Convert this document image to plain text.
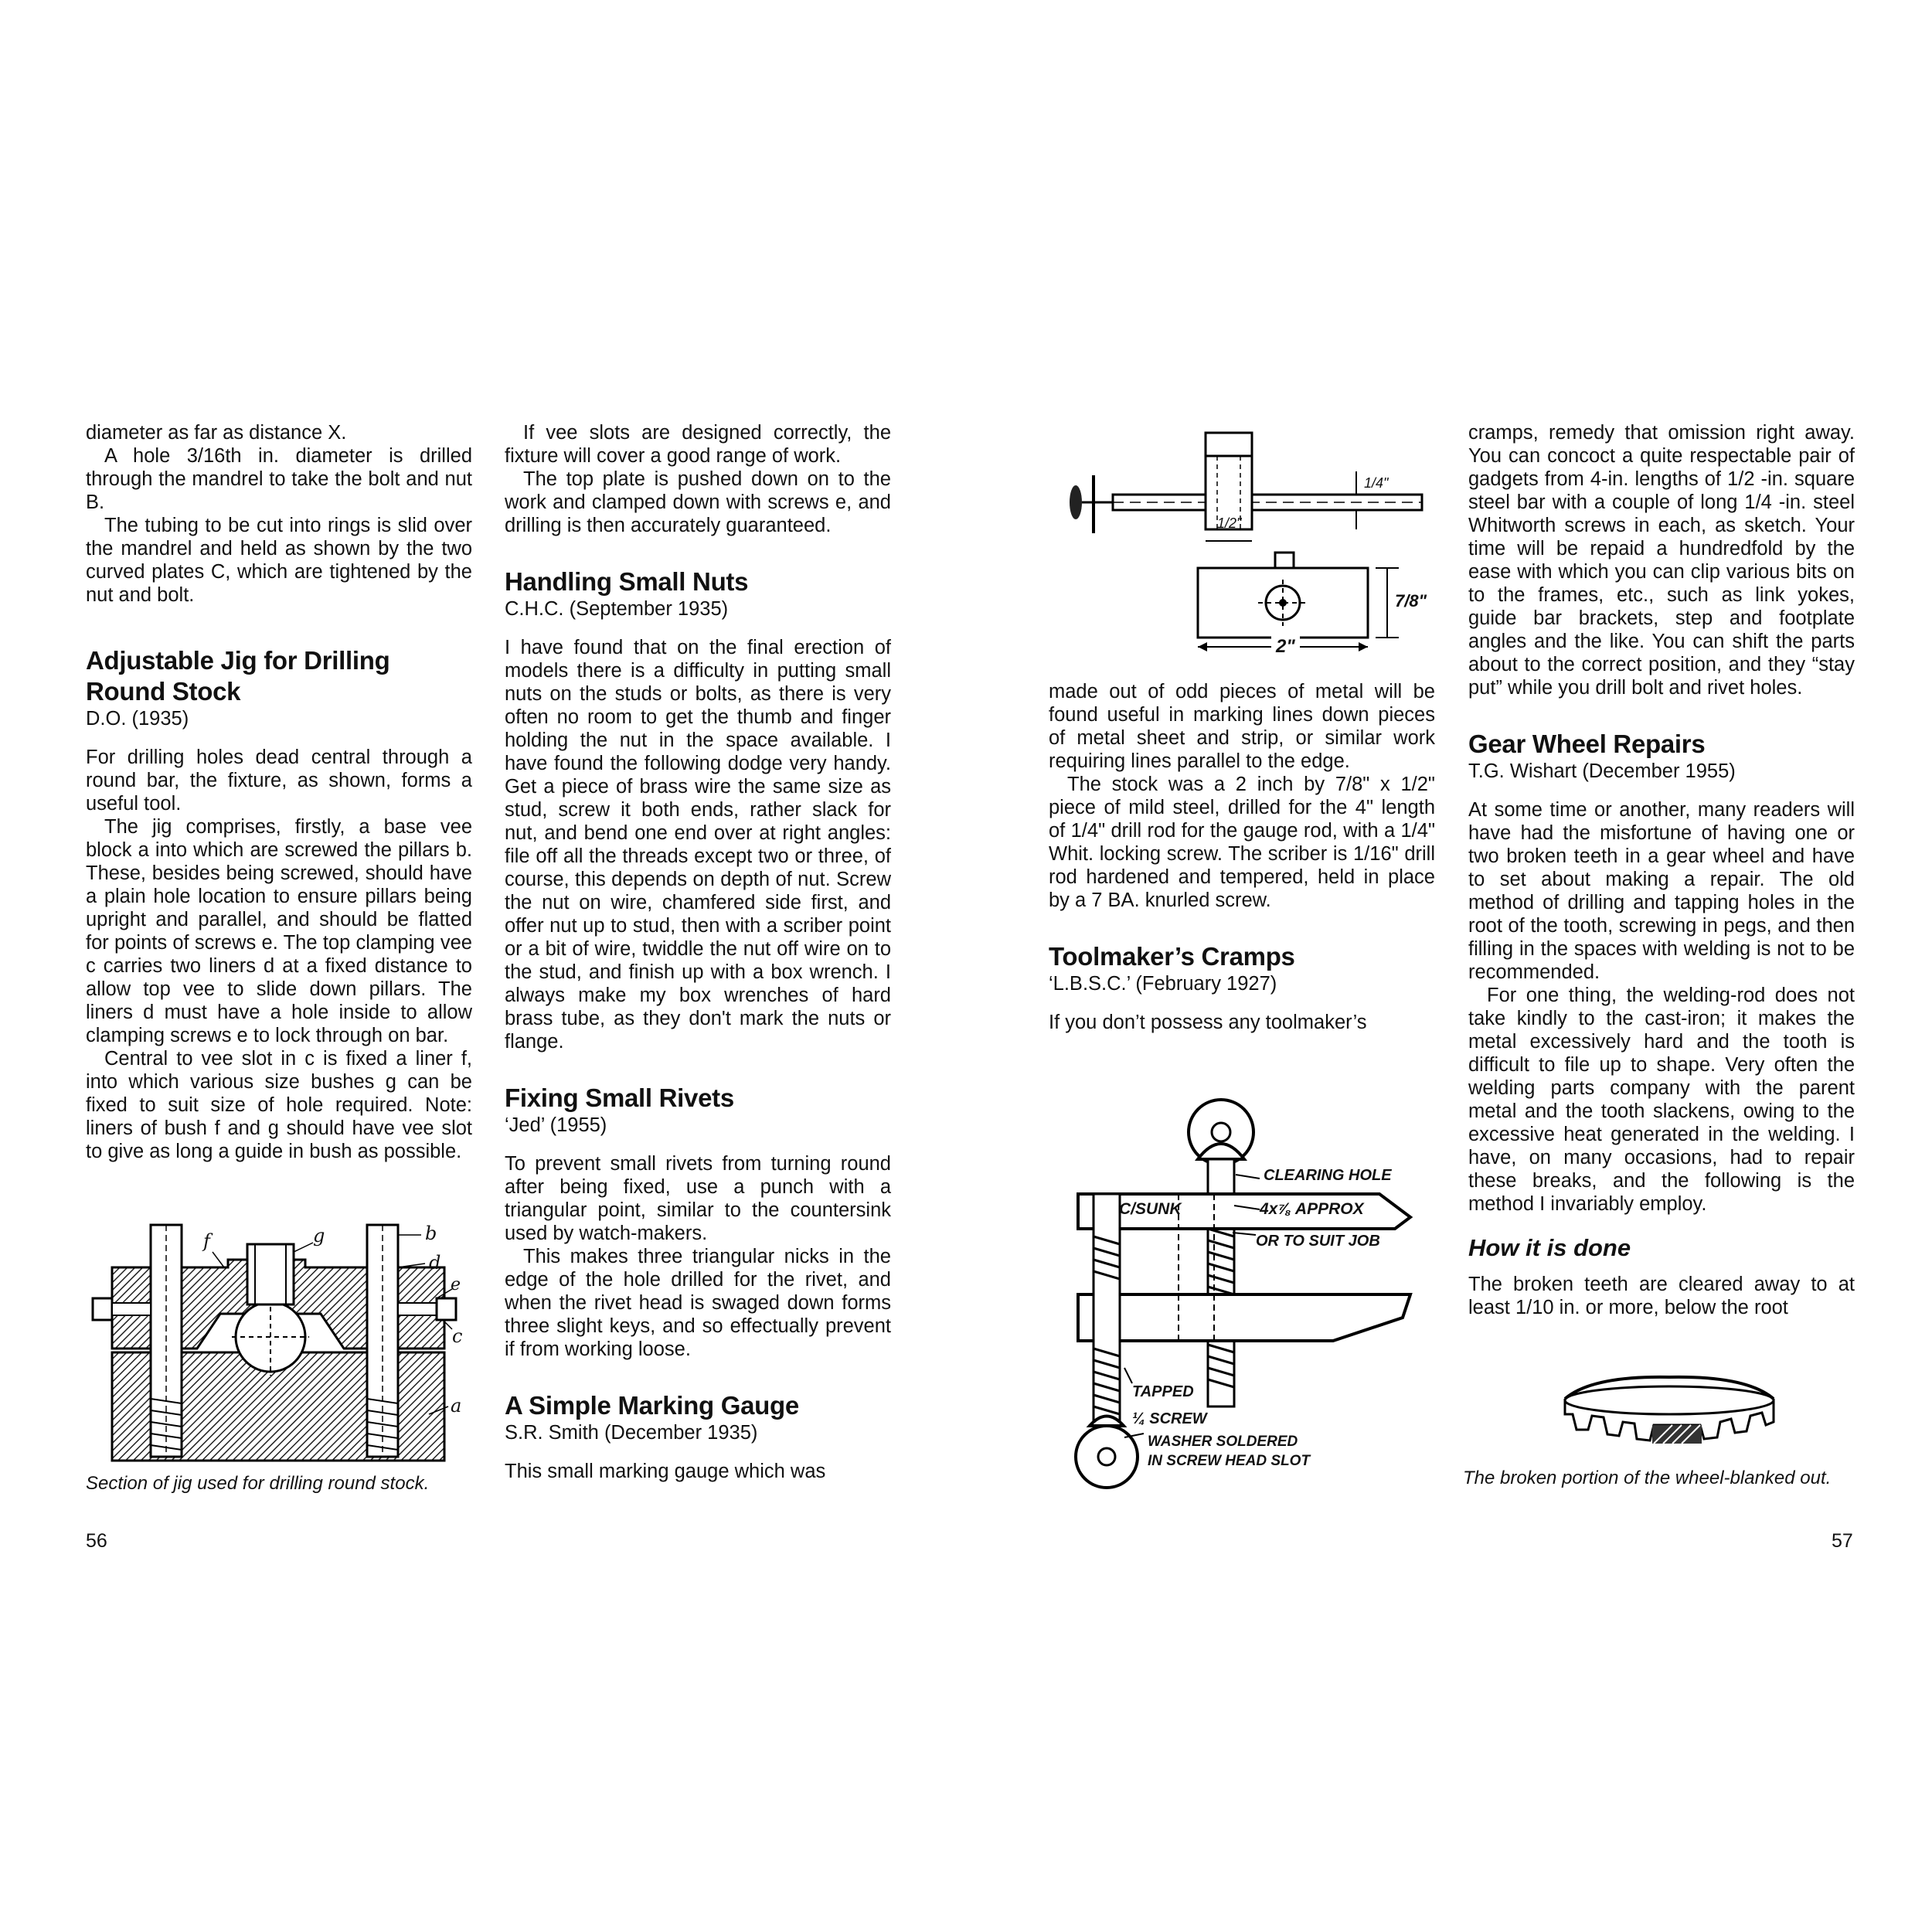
diameter as far as distance X.

A hole 3/16th in. diameter is drilled through the mandrel to take the bolt and nut B.

The tubing to be cut into rings is slid over the mandrel and held as shown by the two curved plates C, which are tightened by the nut and bolt.

Adjustable Jig for Drilling Round Stock

D.O. (1935)

For drilling holes dead central through a round bar, the fixture, as shown, forms a useful tool.

The jig comprises, firstly, a base vee block a into which are screwed the pillars b. These, besides being screwed, should have a plain hole location to ensure pillars being upright and parallel, and should be flatted for points of screws e. The top clamping vee c carries two liners d at a fixed distance to allow top vee to slide down pillars. The liners d must have a hole inside to allow clamping screws e to lock through on bar.

Central to vee slot in c is fixed a liner f, into which various size bushes g can be fixed to suit size of hole required. Note: liners of bush f and g should have vee slot to give as long a guide in bush as possible.

b
d
e
c
a
f	g
Section of jig used for drilling round stock.

If vee slots are designed correctly, the fixture will cover a good range of work.

The top plate is pushed down on to the work and clamped down with screws e, and drilling is then accurately guaranteed.

Handling Small Nuts

C.H.C. (September 1935)

I have found that on the final erection of models there is a difficulty in putting small nuts on the studs or bolts, as there is very often no room to get the thumb and finger holding the nut in the space available. I have found the following dodge very handy. Get a piece of brass wire the same size as stud, screw it both ends, rather slack for nut, and bend one end over at right angles: file off all the threads except two or three, of course, this depends on depth of nut. Screw the nut on wire, chamfered side first, and offer nut up to stud, then with a scriber point or a bit of wire, twiddle the nut off wire on to the stud, and finish up with a box wrench. I always make my box wrenches of hard brass tube, as they don't mark the nuts or flange.

Fixing Small Rivets

‘Jed’ (1955)

To prevent small rivets from turning round after being fixed, use a punch with a triangular point, similar to the countersink used by watch-makers.

This makes three triangular nicks in the edge of the hole drilled for the rivet, and when the rivet head is swaged down forms three slight keys, and so effectually prevent if from working loose.

A Simple Marking Gauge

S.R. Smith (December 1935)

This small marking gauge which was

56
1/4"
1/2"
7/8"
2"

made out of odd pieces of metal will be found useful in marking lines down pieces of metal sheet and strip, or similar work requiring lines parallel to the edge.

The stock was a 2 inch by 7/8" x 1/2" piece of mild steel, drilled for the 4" length of 1/4" drill rod for the gauge rod, with a 1/4" Whit. locking screw. The scriber is 1/16" drill rod hardened and tempered, held in place by a 7 BA. knurled screw.

Toolmaker’s Cramps

‘L.B.S.C.’ (February 1927)

If you don’t possess any toolmaker’s

CLEARING HOLE
C/SUNK	4x⅞ APPROX
OR TO SUIT JOB
TAPPED
¼ SCREW
WASHER SOLDERED
IN SCREW HEAD SLOT

cramps, remedy that omission right away. You can concoct a quite respectable pair of gadgets from 4-in. lengths of 1/2 -in. square steel bar with a couple of long 1/4 -in. steel Whitworth screws in each, as sketch. Your time will be repaid a hundredfold by the ease with which you can clip various bits on to the frames, etc., such as link yokes, guide bar brackets, step and footplate angles and the like. You can shift the parts about to the correct position, and they “stay put” while you drill bolt and rivet holes.

Gear Wheel Repairs

T.G. Wishart (December 1955)

At some time or another, many readers will have had the misfortune of having one or two broken teeth in a gear wheel and have to set about making a repair. The old method of drilling and tapping holes in the root of the tooth, screwing in pegs, and then filling in the spaces with welding is not to be recommended.

For one thing, the welding-rod does not take kindly to the cast-iron; it makes the metal excessively hard and the tooth is difficult to file up to shape. Very often the welding parts company with the parent metal and the tooth slackens, owing to the excessive heat generated in the welding. I have, on many occasions, had to repair these breaks, and the following is the method I invariably employ.

How it is done

The broken teeth are cleared away to at least 1/10 in. or more, below the root

The broken portion of the wheel-blanked out.
57
